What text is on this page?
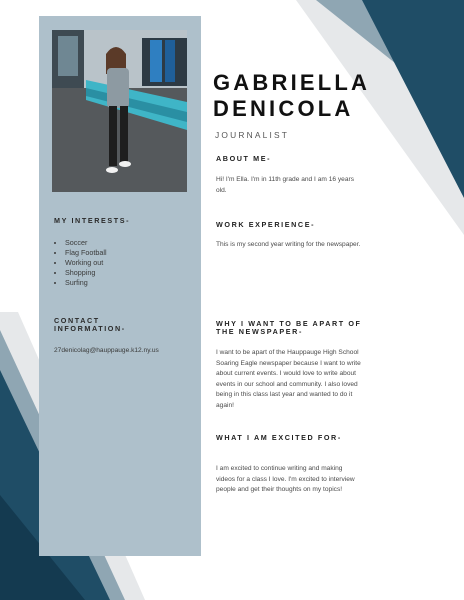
MY INTERESTS-
• Soccer
• Flag Football
• Working out
• Shopping
• Surfing
CONTACT
INFORMATION-
27denicolag@hauppauge.k12.ny.us
GABRIELLA
DENICOLA
JOURNALIST
ABOUT ME-
Hi! I'm Ella. I'm in 11th grade and I am 16 years old.
WORK EXPERIENCE-
This is my second year writing for the newspaper.
WHY I WANT TO BE APART OF
THE NEWSPAPER-
I want to be apart of the Hauppauge High School Soaring Eagle newspaper because I want to write about current events. I would love to write about events in our school and community. I also loved being in this class last year and wanted to do it again!
WHAT I AM EXCITED FOR-
I am excited to continue writing and making videos for a class I love. I'm excited to interview people and get their thoughts on my topics!
